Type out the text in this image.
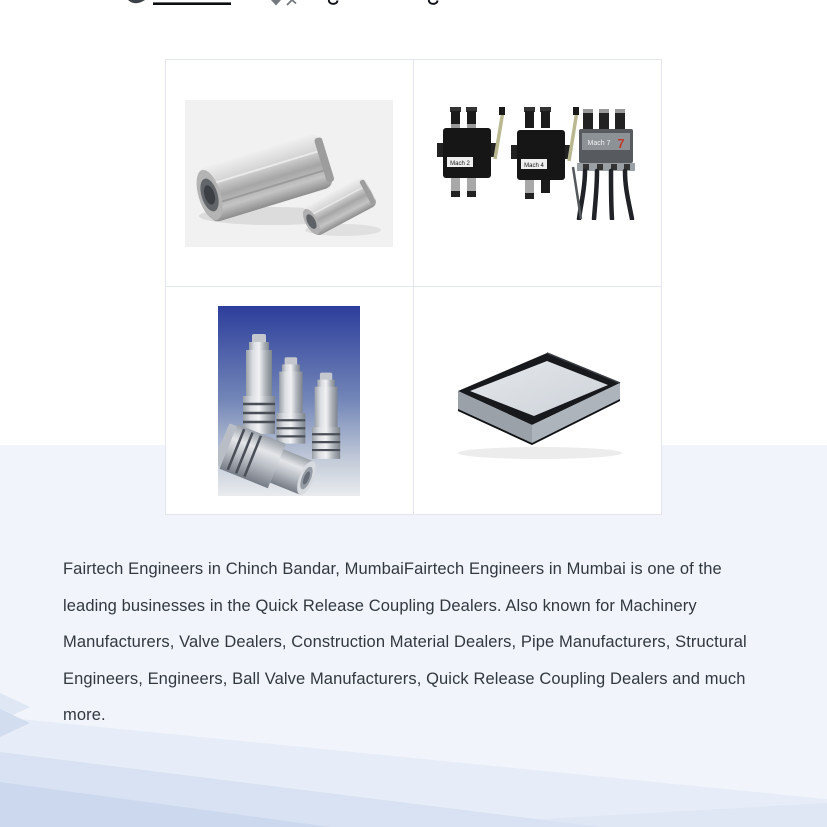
Mach 2	Mach 4
Mach 7 7

Fairtech Engineers in Chinch Bandar, MumbaiFairtech Engineers in Mumbai is one of the leading businesses in the Quick Release Coupling Dealers. Also known for Machinery Manufacturers, Valve Dealers, Construction Material Dealers, Pipe Manufacturers, Structural Engineers, Engineers, Ball Valve Manufacturers, Quick Release Coupling Dealers and much more.
